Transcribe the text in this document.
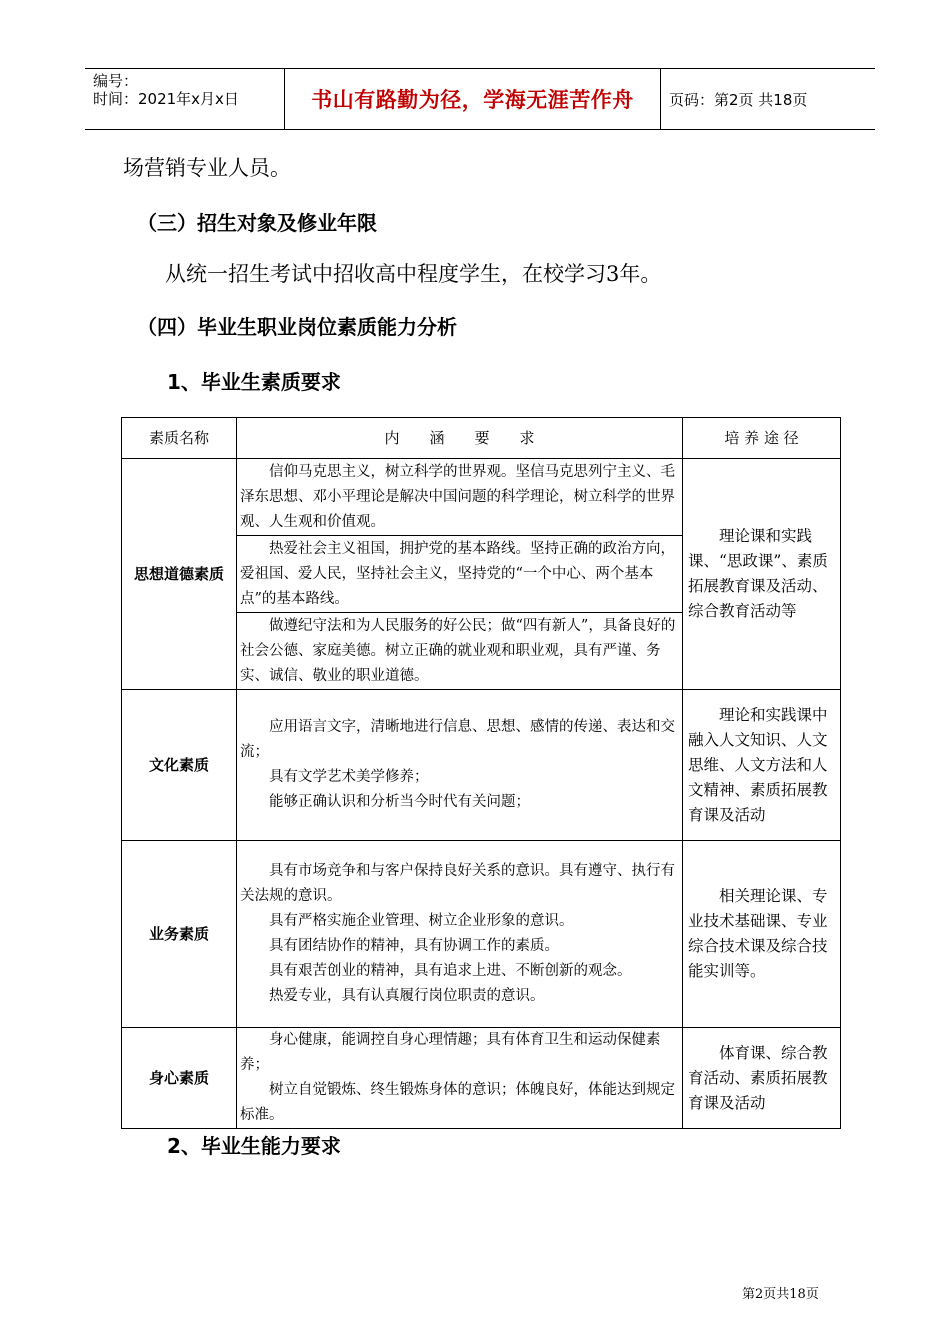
编号：
时间：2021年x月x日	书山有路勤为径，学海无涯苦作舟	页码：第2页 共18页
场营销专业人员。
（三）招生对象及修业年限
从统一招生考试中招收高中程度学生，在校学习3年。
（四）毕业生职业岗位素质能力分析
1、毕业生素质要求
素质名称	内　　涵　　要　　求	培 养 途 径
思想道德素质	信仰马克思主义，树立科学的世界观。坚信马克思列宁主义、毛泽东思想、邓小平理论是解决中国问题的科学理论，树立科学的世界观、人生观和价值观。	理论课和实践课、“思政课”、素质拓展教育课及活动、综合教育活动等

	热爱社会主义祖国，拥护党的基本路线。坚持正确的政治方向，爱祖国、爱人民，坚持社会主义，坚持党的“一个中心、两个基本点”的基本路线。	

	做遵纪守法和为人民服务的好公民；做“四有新人”，具备良好的社会公德、家庭美德。树立正确的就业观和职业观，具有严谨、务实、诚信、敬业的职业道德。	

文化素质	应用语言文字，清晰地进行信息、思想、感情的传递、表达和交流；

具有文学艺术美学修养；

能够正确认识和分析当今时代有关问题；	理论和实践课中融入人文知识、人文思维、人文方法和人文精神、素质拓展教育课及活动

业务素质	具有市场竞争和与客户保持良好关系的意识。具有遵守、执行有关法规的意识。

具有严格实施企业管理、树立企业形象的意识。

具有团结协作的精神，具有协调工作的素质。

具有艰苦创业的精神，具有追求上进、不断创新的观念。

热爱专业，具有认真履行岗位职责的意识。	相关理论课、专业技术基础课、专业综合技术课及综合技能实训等。

身心素质	身心健康，能调控自身心理情趣；具有体育卫生和运动保健素养；

树立自觉锻炼、终生锻炼身体的意识；体魄良好，体能达到规定标准。	体育课、综合教育活动、素质拓展教育课及活动

2、毕业生能力要求
第2页共18页
